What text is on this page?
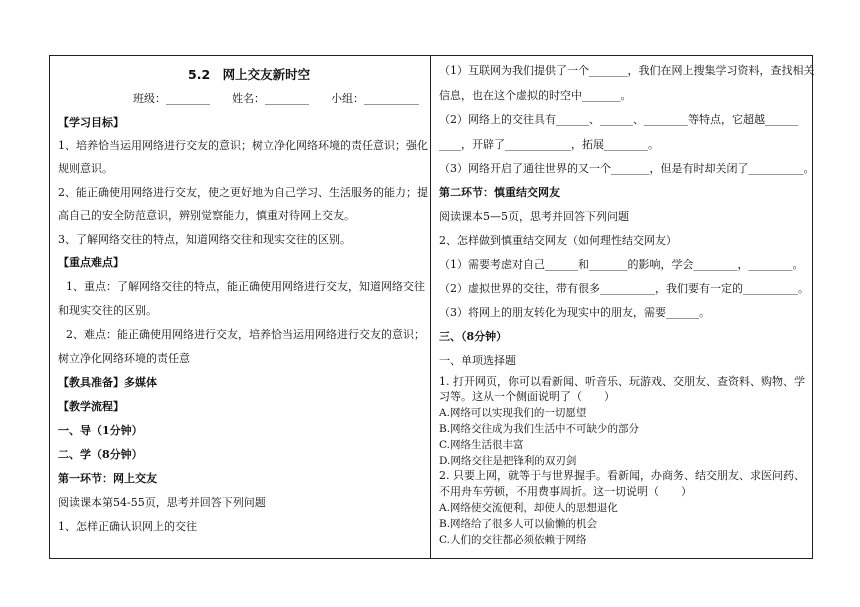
5.2　网上交友新时空
班级：________　　姓名：________　　小组：__________
【学习目标】
1、培养恰当运用网络进行交友的意识；树立净化网络环境的责任意识；强化
规则意识。
2、能正确使用网络进行交友，使之更好地为自己学习、生活服务的能力；提
高自己的安全防范意识，辨别觉察能力，慎重对待网上交友。
3、了解网络交往的特点，知道网络交往和现实交往的区别。
【重点难点】
1、重点：了解网络交往的特点，能正确使用网络进行交友，知道网络交往
和现实交往的区别。
2、难点：能正确使用网络进行交友，培养恰当运用网络进行交友的意识；
树立净化网络环境的责任意
【教具准备】多媒体
【教学流程】
一、导（1分钟）
二、学（8分钟）
第一环节：网上交友
阅读课本第54-55页，思考并回答下列问题
1、怎样正确认识网上的交往
（1）互联网为我们提供了一个_______，我们在网上搜集学习资料，查找相关
信息，也在这个虚拟的时空中_______。
（2）网络上的交往具有______、______、________等特点，它超越______
____，开辟了____________，拓展________。
（3）网络开启了通往世界的又一个_______，但是有时却关闭了__________。
第二环节：慎重结交网友
阅读课本5—5页，思考并回答下列问题
2、怎样做到慎重结交网友（如何理性结交网友）
（1）需要考虑对自己______和_______的影响，学会________，________。
（2）虚拟世界的交往，带有很多__________，我们要有一定的__________。
（3）将网上的朋友转化为现实中的朋友，需要______。
三、（8分钟）
一、单项选择题
1. 打开网页，你可以看新闻、听音乐、玩游戏、交朋友、查资料、购物、学
习等。这从一个侧面说明了（　　）
A.网络可以实现我们的一切愿望
B.网络交往成为我们生活中不可缺少的部分
C.网络生活很丰富
D.网络交往是把锋利的双刃剑
2. 只要上网，就等于与世界握手。看新闻，办商务、结交朋友、求医问药、
不用舟车劳顿，不用费事周折。这一切说明（　　）
A.网络使交流便利，却使人的思想退化
B.网络给了很多人可以偷懒的机会
C.人们的交往都必须依赖于网络
